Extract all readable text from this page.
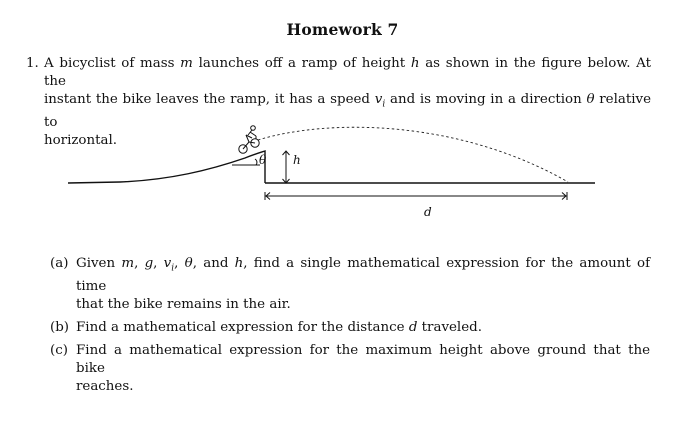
Homework 7
1. A bicyclist of mass m launches off a ramp of height h as shown in the figure below. At the
instant the bike leaves the ramp, it has a speed $v_i$ and is moving in a direction θ relative to
horizontal.
θ h
d
(a) Given m, g, $v_i$, θ, and h, find a single mathematical expression for the amount of time
that the bike remains in the air.
(b) Find a mathematical expression for the distance d traveled.
(c) Find a mathematical expression for the maximum height above ground that the bike
reaches.
